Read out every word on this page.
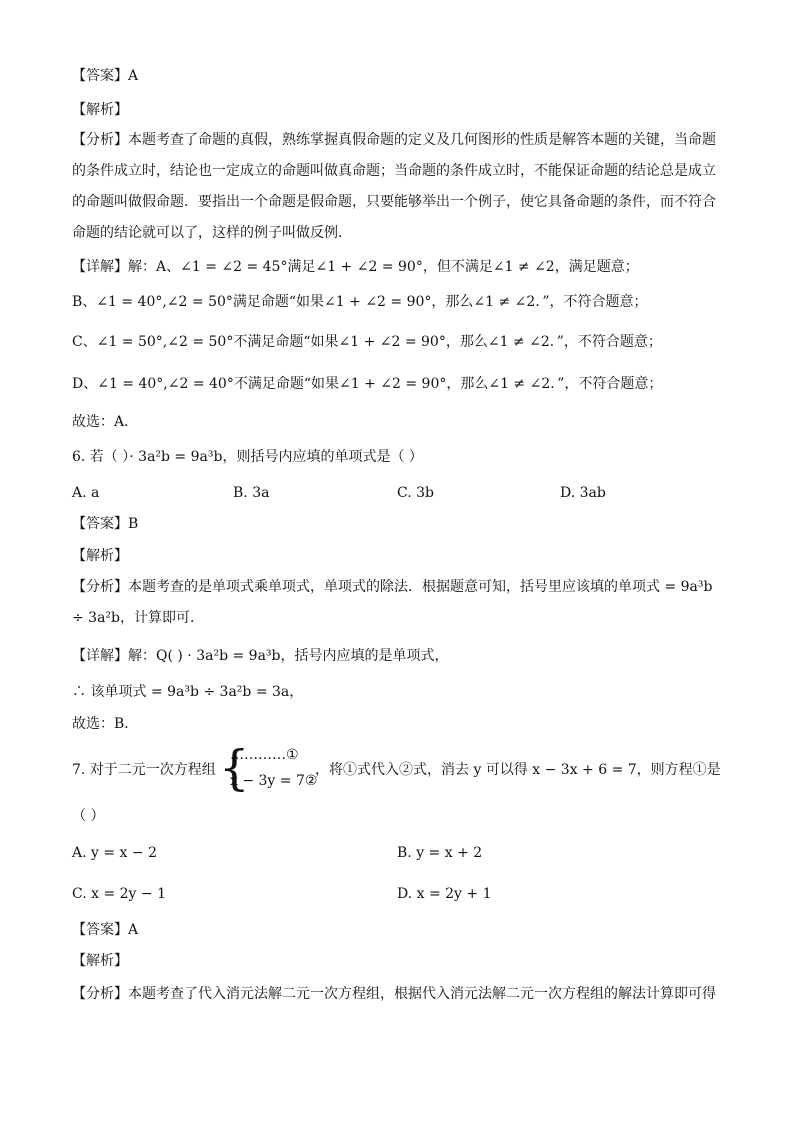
【答案】A
【解析】
【分析】本题考查了命题的真假，熟练掌握真假命题的定义及几何图形的性质是解答本题的关键，当命题的条件成立时，结论也一定成立的命题叫做真命题；当命题的条件成立时，不能保证命题的结论总是成立的命题叫做假命题．要指出一个命题是假命题，只要能够举出一个例子，使它具备命题的条件，而不符合命题的结论就可以了，这样的例子叫做反例．
【详解】解：A、∠1 = ∠2 = 45°满足∠1 + ∠2 = 90°，但不满足∠1 ≠ ∠2，满足题意；
B、∠1 = 40°,∠2 = 50°满足命题“如果∠1 + ∠2 = 90°，那么∠1 ≠ ∠2．”，不符合题意；
C、∠1 = 50°,∠2 = 50°不满足命题“如果∠1 + ∠2 = 90°，那么∠1 ≠ ∠2．”，不符合题意；
D、∠1 = 40°,∠2 = 40°不满足命题“如果∠1 + ∠2 = 90°，那么∠1 ≠ ∠2．”，不符合题意；
故选：A．
6. 若（ ）· 3a²b = 9a³b，则括号内应填的单项式是（ ）
A. a	B. 3a	C. 3b	D. 3ab
【答案】B
【解析】
【分析】本题考查的是单项式乘单项式，单项式的除法．根据题意可知，括号里应该填的单项式 = 9a³b ÷ 3a²b，计算即可．
【详解】解：Q( ) · 3a²b = 9a³b，括号内应填的是单项式，
∴ 该单项式 = 9a³b ÷ 3a²b = 3a，
故选：B．
7. 对于二元一次方程组 {
…………①
x − 3y = 7②
，将①式代入②式，消去 y 可以得 x − 3x + 6 = 7，则方程①是
（ ）
A. y = x − 2	B. y = x + 2
C. x = 2y − 1	D. x = 2y + 1
【答案】A
【解析】
【分析】本题考查了代入消元法解二元一次方程组，根据代入消元法解二元一次方程组的解法计算即可得
